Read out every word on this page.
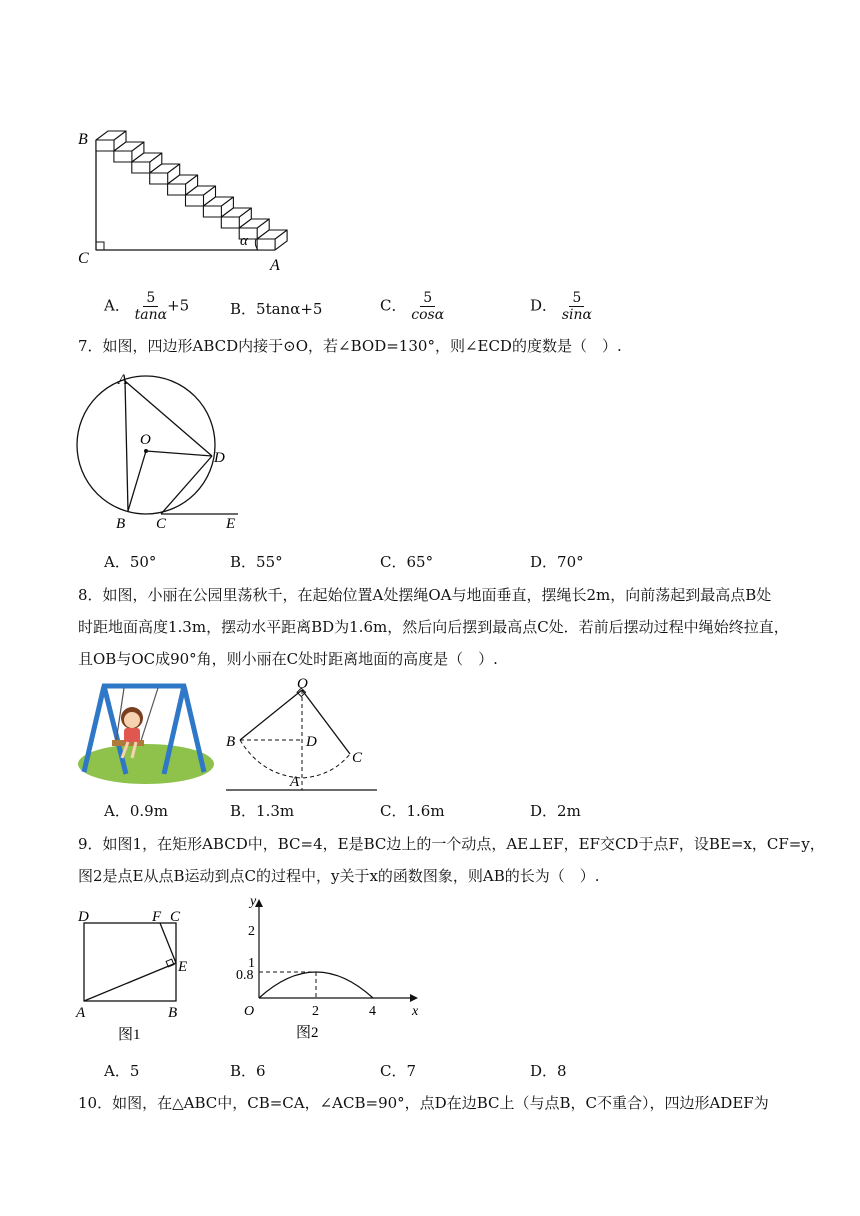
B
C	A
α
A． $\frac{5}{\tan\alpha} +5$	B．5tanα+5	C． $\frac{5}{\cos\alpha}$	D． $\frac{5}{\sin\alpha}$
7．如图，四边形ABCD内接于⊙O，若∠BOD=130°，则∠ECD的度数是（　）.
A
O
D
B C	E
A．50°	B．55°	C．65°	D．70°
8．如图，小丽在公园里荡秋千，在起始位置A处摆绳OA与地面垂直，摆绳长2m，向前荡起到最高点B处
时距地面高度1.3m，摆动水平距离BD为1.6m，然后向后摆到最高点C处．若前后摆动过程中绳始终拉直，
且OB与OC成90°角，则小丽在C处时距离地面的高度是（　）.
O
B	D
C
A
A．0.9m	B．1.3m	C．1.6m	D．2m
9．如图1，在矩形ABCD中，BC=4，E是BC边上的一个动点，AE⊥EF，EF交CD于点F，设BE=x，CF=y，
图2是点E从点B运动到点C的过程中，y关于x的函数图象，则AB的长为（　）.
D	F C
E
A	B
图1
y
x
O
2
1
0.8
2	4
图2
A．5	B．6	C．7	D．8
10．如图，在△ABC中，CB=CA，∠ACB=90°，点D在边BC上（与点B，C不重合），四边形ADEF为
